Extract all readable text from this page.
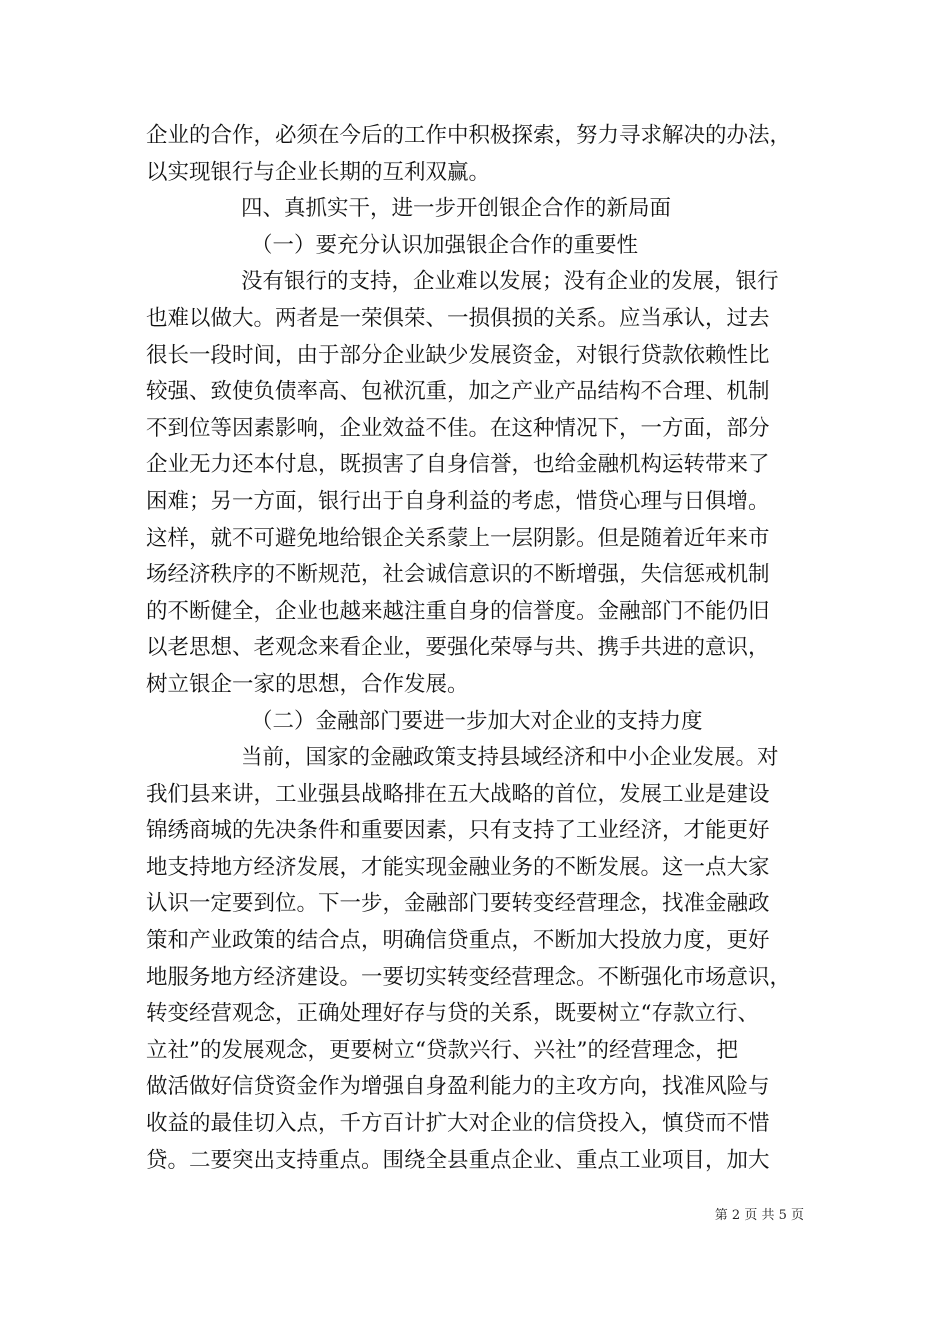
企业的合作，必须在今后的工作中积极探索，努力寻求解决的办法，
以实现银行与企业长期的互利双赢。
四、真抓实干，进一步开创银企合作的新局面
（一）要充分认识加强银企合作的重要性
没有银行的支持，企业难以发展；没有企业的发展，银行
也难以做大。两者是一荣俱荣、一损俱损的关系。应当承认，过去
很长一段时间，由于部分企业缺少发展资金，对银行贷款依赖性比
较强、致使负债率高、包袱沉重，加之产业产品结构不合理、机制
不到位等因素影响，企业效益不佳。在这种情况下，一方面，部分
企业无力还本付息，既损害了自身信誉，也给金融机构运转带来了
困难；另一方面，银行出于自身利益的考虑，惜贷心理与日俱增。
这样，就不可避免地给银企关系蒙上一层阴影。但是随着近年来市
场经济秩序的不断规范，社会诚信意识的不断增强，失信惩戒机制
的不断健全，企业也越来越注重自身的信誉度。金融部门不能仍旧
以老思想、老观念来看企业，要强化荣辱与共、携手共进的意识，
树立银企一家的思想，合作发展。
（二）金融部门要进一步加大对企业的支持力度
当前，国家的金融政策支持县域经济和中小企业发展。对
我们县来讲，工业强县战略排在五大战略的首位，发展工业是建设
锦绣商城的先决条件和重要因素，只有支持了工业经济，才能更好
地支持地方经济发展，才能实现金融业务的不断发展。这一点大家
认识一定要到位。下一步，金融部门要转变经营理念，找准金融政
策和产业政策的结合点，明确信贷重点，不断加大投放力度，更好
地服务地方经济建设。一要切实转变经营理念。不断强化市场意识，
转变经营观念，正确处理好存与贷的关系，既要树立“存款立行、
立社”的发展观念，更要树立“贷款兴行、兴社”的经营理念，把
做活做好信贷资金作为增强自身盈利能力的主攻方向，找准风险与
收益的最佳切入点，千方百计扩大对企业的信贷投入，慎贷而不惜
贷。二要突出支持重点。围绕全县重点企业、重点工业项目，加大
第 2 页 共 5 页
